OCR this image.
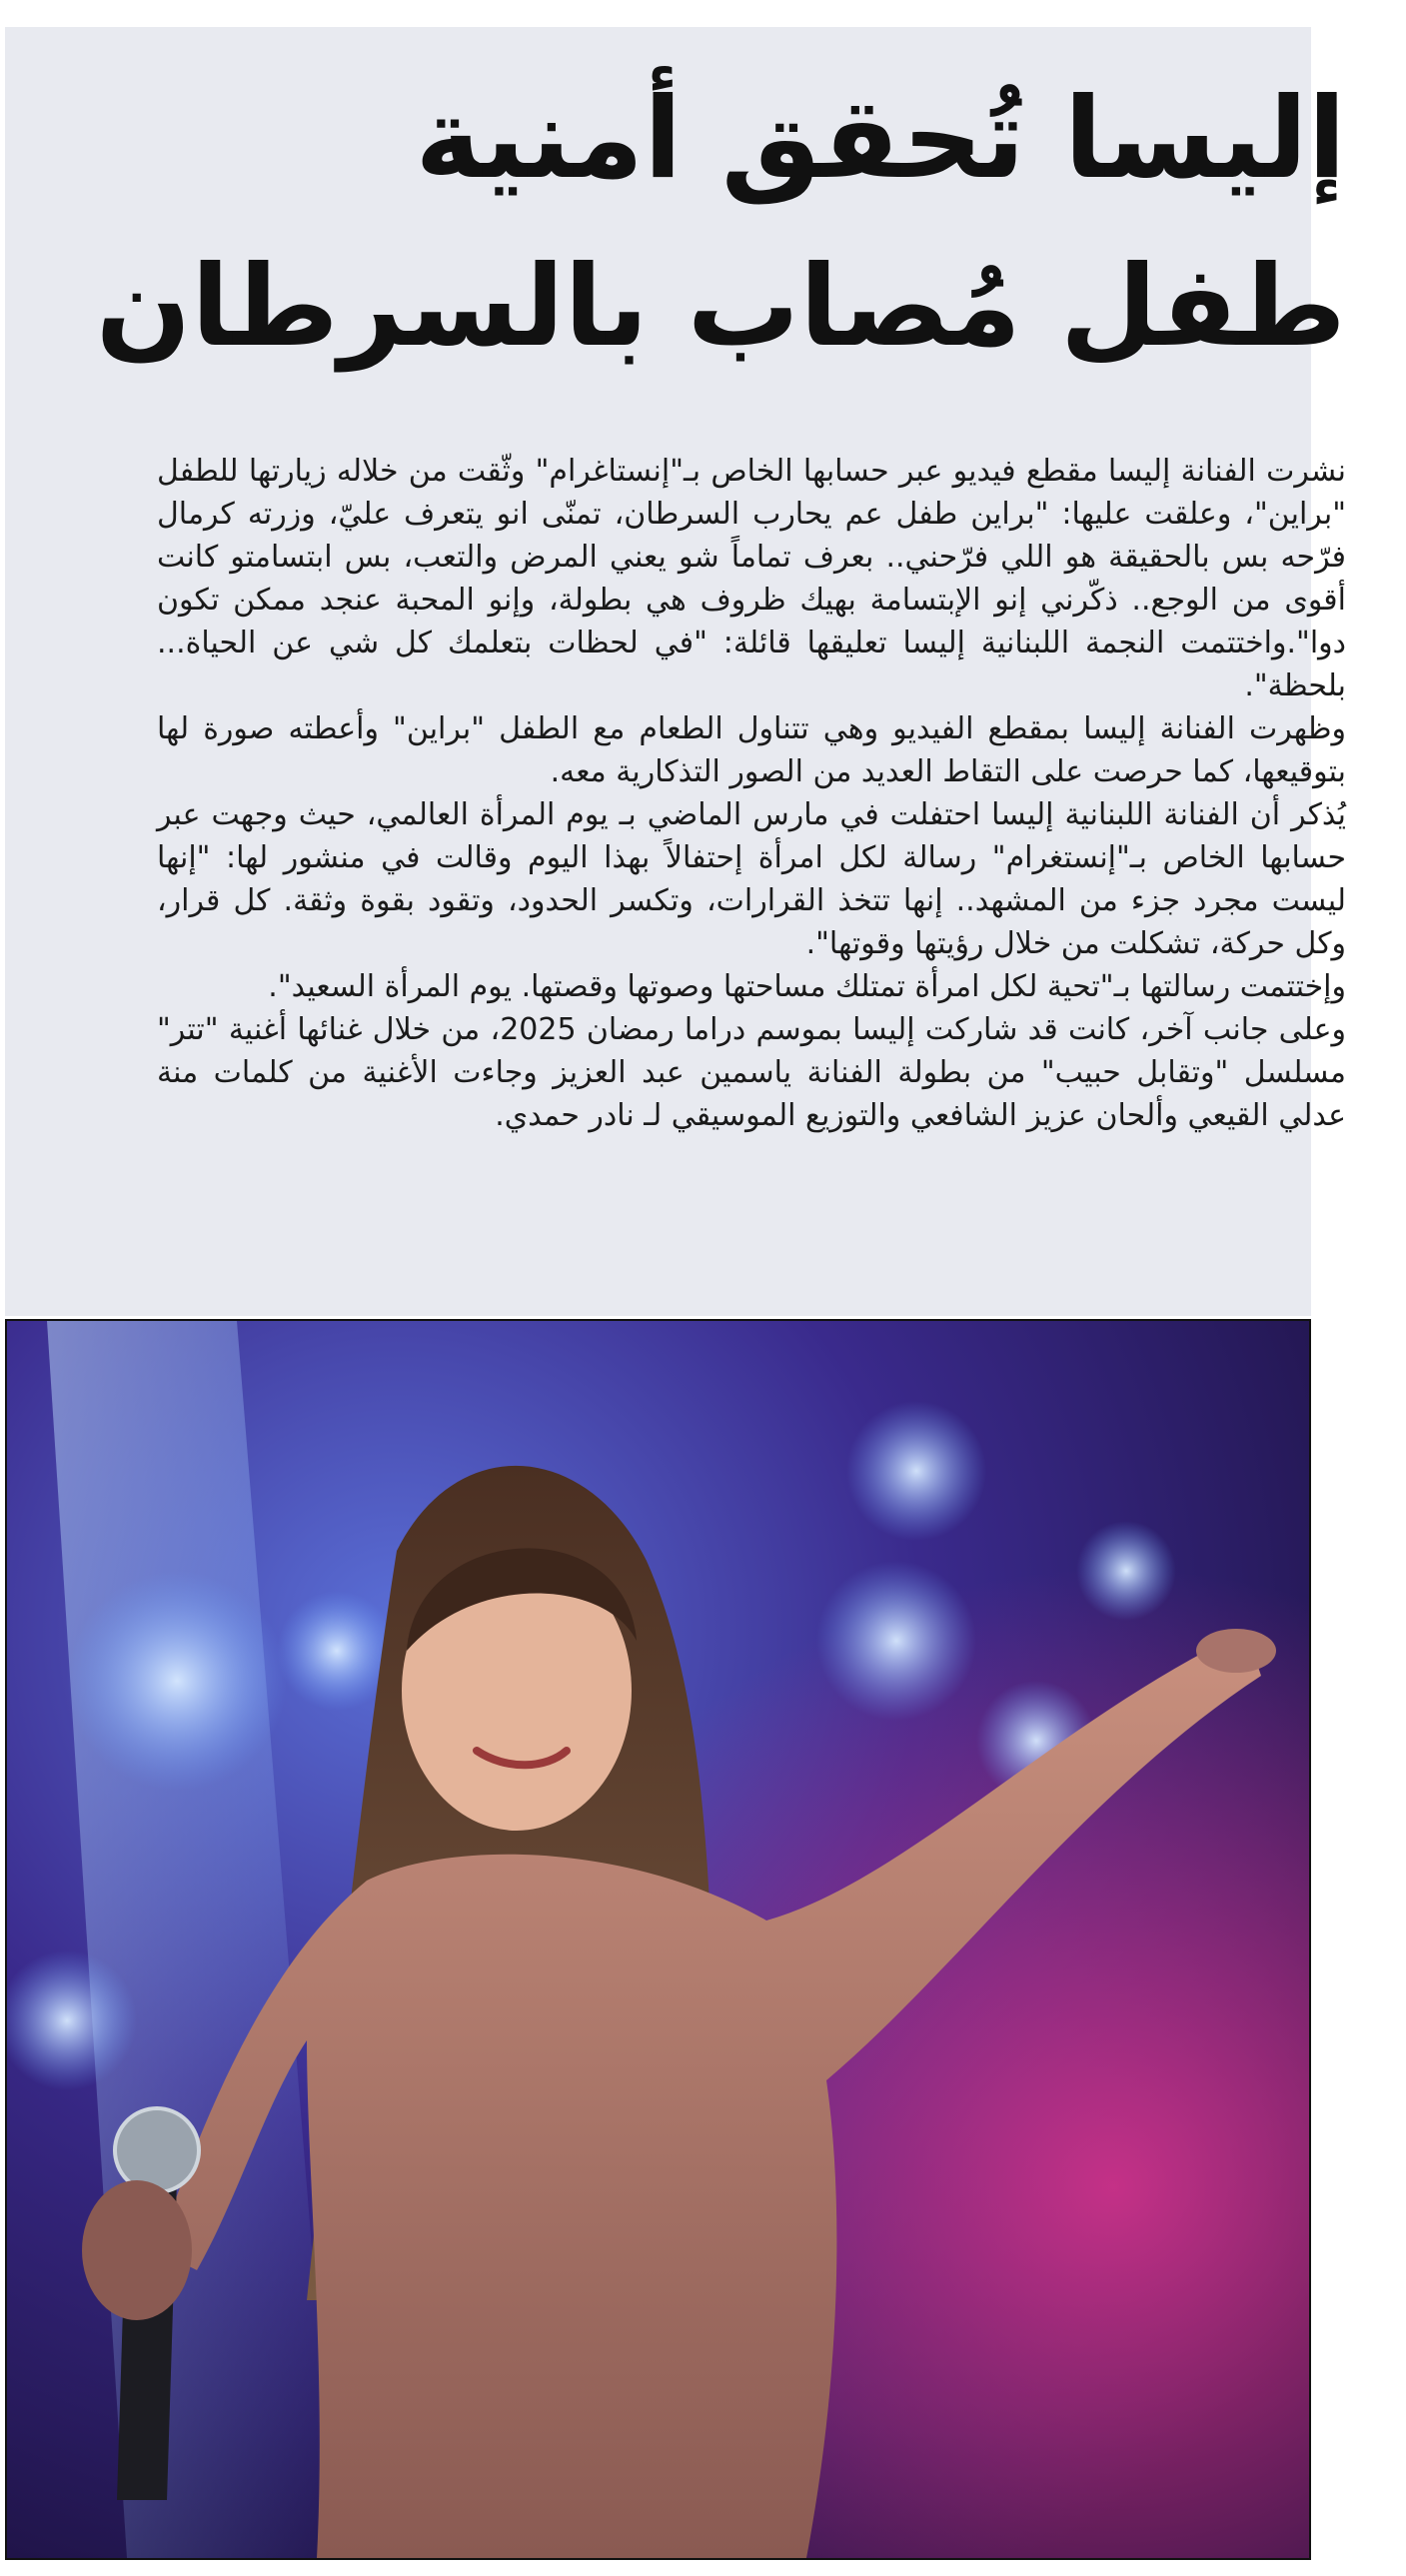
إليسا تُحقق أمنية
طفل مُصاب بالسرطان

نشرت الفنانة إليسا مقطع فيديو عبر حسابها الخاص بـ"إنستاغرام" وثّقت من خلاله زيارتها للطفل "براين"، وعلقت عليها: "براين طفل عم يحارب السرطان، تمنّى انو يتعرف عليّ، وزرته كرمال فرّحه بس بالحقيقة هو اللي فرّحني.. بعرف تماماً شو يعني المرض والتعب، بس ابتسامتو كانت أقوى من الوجع.. ذكّرني إنو الإبتسامة بهيك ظروف هي بطولة، وإنو المحبة عنجد ممكن تكون دوا".واختتمت النجمة اللبنانية إليسا تعليقها قائلة: "في لحظات بتعلمك كل شي عن الحياة... بلحظة".

وظهرت الفنانة إليسا بمقطع الفيديو وهي تتناول الطعام مع الطفل "براين" وأعطته صورة لها بتوقيعها، كما حرصت على التقاط العديد من الصور التذكارية معه.

يُذكر أن الفنانة اللبنانية إليسا احتفلت في مارس الماضي بـ يوم المرأة العالمي، حيث وجهت عبر حسابها الخاص بـ"إنستغرام" رسالة لكل امرأة إحتفالاً بهذا اليوم وقالت في منشور لها: "إنها ليست مجرد جزء من المشهد.. إنها تتخذ القرارات، وتكسر الحدود، وتقود بقوة وثقة. كل قرار، وكل حركة، تشكلت من خلال رؤيتها وقوتها".

وإختتمت رسالتها بـ"تحية لكل امرأة تمتلك مساحتها وصوتها وقصتها. يوم المرأة السعيد".

وعلى جانب آخر، كانت قد شاركت إليسا بموسم دراما رمضان 2025، من خلال غنائها أغنية "تتر" مسلسل "وتقابل حبيب" من بطولة الفنانة ياسمين عبد العزيز وجاءت الأغنية من كلمات منة عدلي القيعي وألحان عزيز الشافعي والتوزيع الموسيقي لـ نادر حمدي.
